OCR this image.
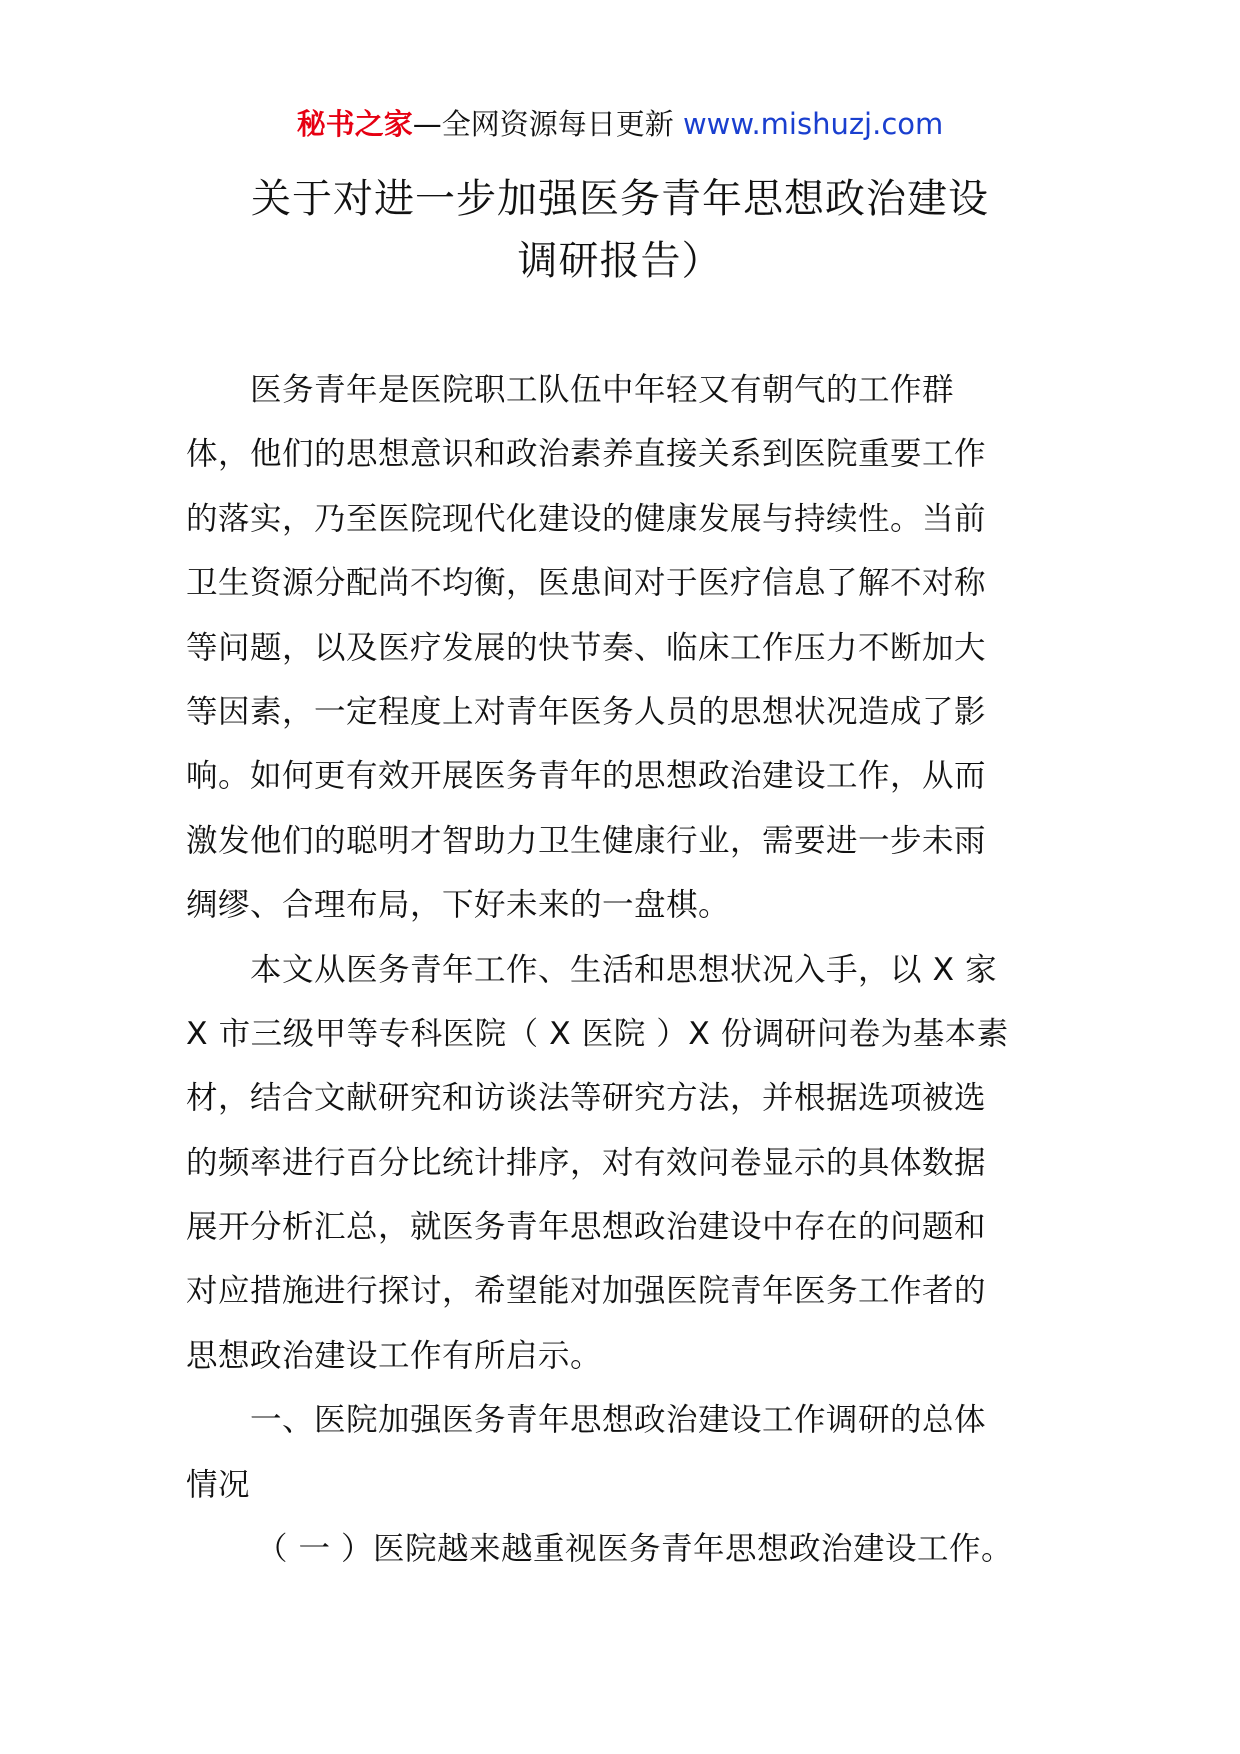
秘书之家—全网资源每日更新 www.mishuzj.com
关于对进一步加强医务青年思想政治建设
调研报告）
医务青年是医院职工队伍中年轻又有朝气的工作群
体，他们的思想意识和政治素养直接关系到医院重要工作
的落实，乃至医院现代化建设的健康发展与持续性。当前
卫生资源分配尚不均衡，医患间对于医疗信息了解不对称
等问题，以及医疗发展的快节奏、临床工作压力不断加大
等因素，一定程度上对青年医务人员的思想状况造成了影
响。如何更有效开展医务青年的思想政治建设工作，从而
激发他们的聪明才智助力卫生健康行业，需要进一步未雨
绸缪、合理布局，下好未来的一盘棋。
本文从医务青年工作、生活和思想状况入手，以 X 家
X 市三级甲等专科医院（ X 医院 ）X 份调研问卷为基本素
材，结合文献研究和访谈法等研究方法，并根据选项被选
的频率进行百分比统计排序，对有效问卷显示的具体数据
展开分析汇总，就医务青年思想政治建设中存在的问题和
对应措施进行探讨，希望能对加强医院青年医务工作者的
思想政治建设工作有所启示。
一、医院加强医务青年思想政治建设工作调研的总体
情况
（ 一 ）医院越来越重视医务青年思想政治建设工作。
